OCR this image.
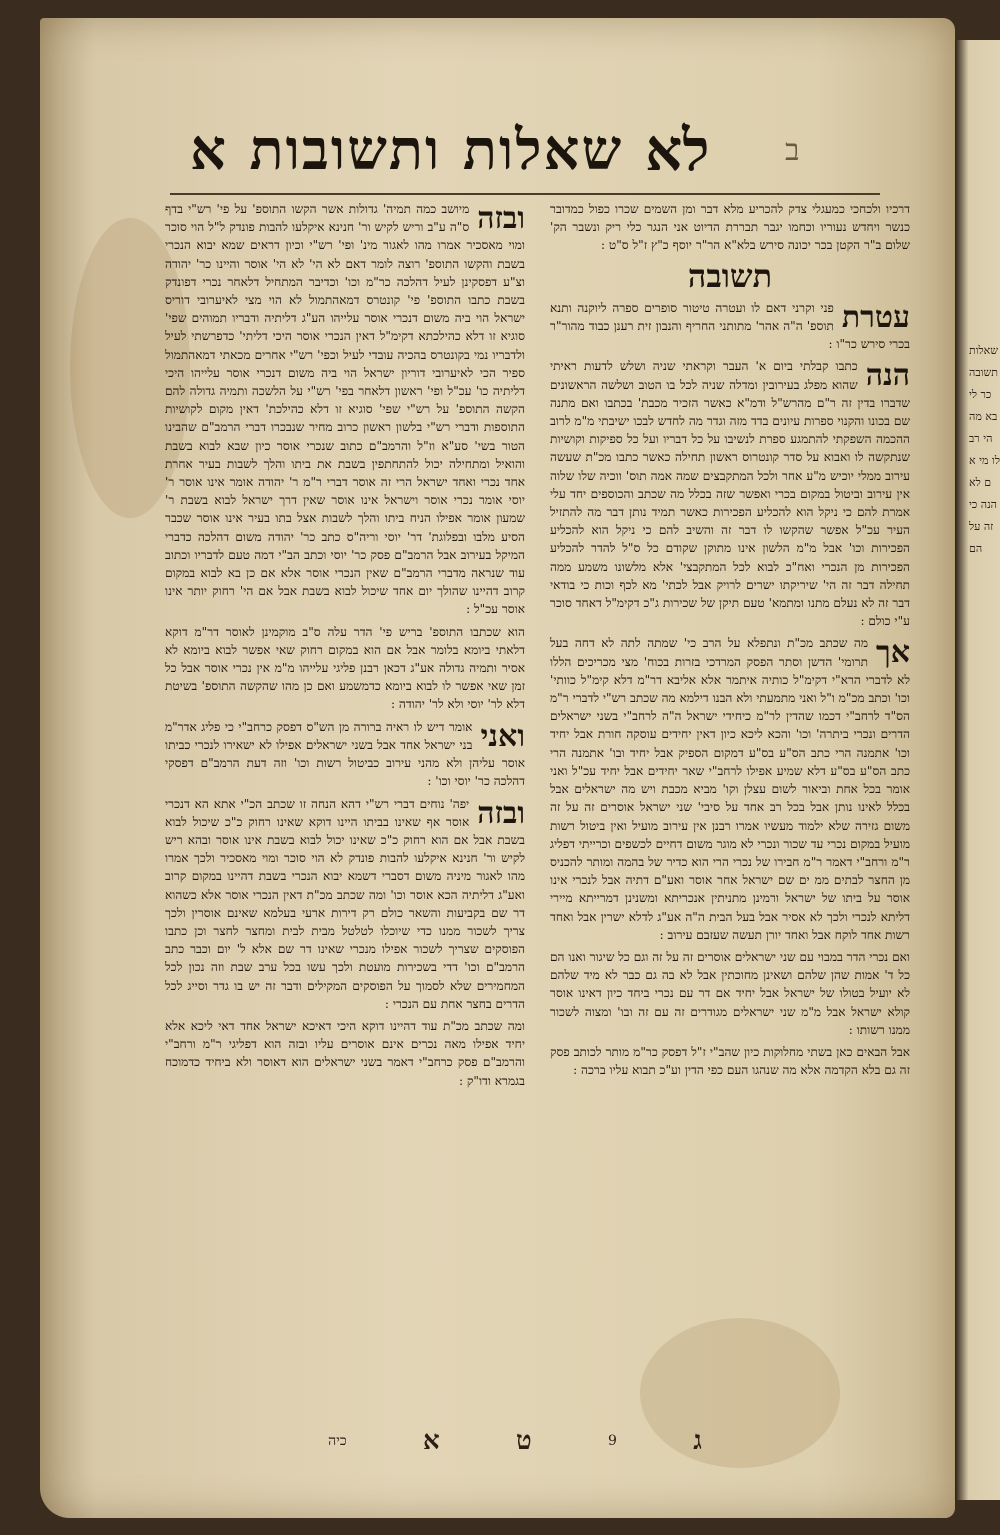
שאלות ותשובות א לא	ב

דרכיו ולכחכי כמעגלי צדק להכריע מלא דבר ומן השמים שכרו כפול כמדובר כנשר ויחדש נעוריו וכחמו יגבר תבררת הדיוט אני הנגר כלי ריק ונשבר הק' שלום ב"ר הקטן בכר יכונה סירש בלא"א הר"ר יוסף כ"ץ ז"ל ס"ט :

תשובה

עטרת
פני וקרני דאם לו ועטרה טיטור סופרים ספרה ליוקנה ותנא תוספ' ה"ה אהר' מתותני החריף והנבון זית רענן כבוד מהור"ר בכרי סירש כר"ו :

הנה
כתבו קבלתי ביום א' העבר וקראתי שניה ושלש לדעות ראיתי שהוא מפלג בעירובין ומדלה שניה לכל בו הטוב ושלשה הראשונים שדברו בדין זה ר"ם מהרש"ל ודמ"א כאשר הזכיר מכבת' בכתבו ואם מתנה שם בכונו והקנוי ספרות עיונים בדד מזה וגדר מה לחדש לבכו ישיבתי מ"מ לרוב ההכמה השפקתי להתמגע ספרת לנשיבו על כל דבריו ועל כל ספיקות וקושיות שנתקשה לו ואבוא על סדר קונטרוס ראשון תחילה כאשר כתבו מכ"ת שעשה עירוב ממלי יוכיש מ"ע אחר ולכל המתקבצים שמה אמה תוס' ווכיה שלו שלוה אין עירוב וביטול במקום בכרי ואפשר שזה בכלל מה שכתב והכוספים יחד עלי אמרת להם כי ניקל הוא להכליע הפכירות כאשר תמיד נותן דבר מה להתזיל העיר עכ"ל אפשר שהקשו לו דבר זה והשיב להם כי ניקל הוא להכליע הפכירות וכו' אבל מ"מ הלשון אינו מתוקן שקודם כל ס"ל להדר להכליע הפכירות מן הנכרי ואח"כ לבוא לכל המתקבצי' אלא מלשונו משמע ממה תחילה דבר זה הי' שיריקתו ישרים לרויק אבל לכתי' מא לכף וכות כי בודאי דבר זה לא נעלם מתנו ומתמא' טעם תיקן של שכירות ג"כ דקימ"ל דאחד סוכר ע"י כולם :

אך
מה שכתב מכ"ת ונתפלא על הרב כי' שמתה לתה לא דחה בעל תרומי' הדשן וסתר הפסק המרדכי בזרות בכוח' מצי מכריכים הללו לא לדברי הרא"י דקימ"ל כותיה איתמר אלא אליבא דר"מ דלא קימ"ל כוותי' וכו' וכתב מכ"מ ו"ל ואני מתמעתי ולא הבנו דילמא מה שכתב רש"י לדברי ר"מ הס"ד לרחב"י דכמו שהדין לר"מ כיחידי ישראל ה"ה לרחב"י בשני ישראלים הדרים ונכרי ביתרה' וכו' והכא ליכא כיון דאין יחידים עוסקה חורת אבל יחיד וכו' אתמנה הרי כתב הס"ע בס"ע דמקום הספיק אבל יחיד ובו' אתמנה הרי כתב הס"ע בס"ע דלא שמיע אפילו לרחב"י שאר יחידים אבל יחיד עכ"ל ואני אומר בכל אחת וביאור לשום עצלן וקו' מביא מכבת ויש מה ישראלים אבל בכלל לאינו נותן אבל בכל רב אחד על סיבי' שני ישראל אוסרים זה על זה משום גזירה שלא ילמוד מעשיו אמרו רבנן אין עירוב מועיל ואין ביטול רשות מועיל במקום נכרי עד שכור ונכרי לא מוגר משום דחיים לכשפים וכרייתי דפליג ר"מ ורחב"י דאמר ר"מ חבירו של נכרי הרי הוא כדיר של בהמה ומותר להכניס מן החצר לבתים ממ ים שם ישראל אחר אוסר ואע"ם דתיה אבל לנכרי אינו אוסר על ביתו של ישראל ורמינן מתניתין אנכריתא ומשנינן דמרייתא מיירי דליתא לנכרי ולכך לא אסיר אבל בעל הבית ה"ה אע"ג לדלא ישרין אבל ואחד רשות אחד לוקח אבל ואחד יורן תעשה שעזבם עירוב :

ואם נכרי הדר במבוי עם שני ישראלים אוסרים זה על זה וגם כל שיגור ואנו הם כל ד' אמות שהן שלהם ושאינן מחוכתין אבל לא בה גם כבר לא מיד שלהם לא יועיל בטולו של ישראל אבל יחיד אם דר עם נכרי ביחד כיון דאינו אוסר קולא ישראל אבל מ"מ שני ישראלים מגודרים זה עם זה ובו' ומצוה לשכור ממנו רשותו :

אבל הבאים כאן בשתי מחלוקות כיון שהב"י ז"ל דפסק כר"מ מותר לכותב פסק זה גם בלא הקדמה אלא מה שנהגו העם כפי הדין וע"כ תבוא עליו ברכה :

ובזה
מיושב כמה תמיה' גדולות אשר הקשו התוספ' על פי' רש"י בדף ס"ה ע"ב וריש לקיש ור' חנינא איקלעו להבות פונדק ל"ל הוי סוכר ומוי מאסכיר אמרו מהו לאגור מינ' ופי' רש"י וכיון דראים שמא יבוא הנכרי בשבת והקשו התוספ' רוצה לומר דאם לא הי' לא הי' אוסר והיינו כר' יהודה וצ"ע דפסקינן לעיל דהלכה כר"מ וכו' וכדיבר המתחיל דלאחר נכרי דפונדק בשבת כתבו התוספ' פי' קונטרס דמאהתמול לא הוי מצי לאיערובי דוריס ישראל הוי ביה משום דנכרי אוסר עלייהו הע"ג דליתיה ודבריו תמוהים שפי' סוגיא זו דלא כהילכתא דקימ"ל דאין הנכרי אוסר היכי דליתי' כדפרשתי לעיל ולדבריו נמי בקונטרס בהכיה עובדי לעיל וכפי' רש"י אחרים מכאתי דמאהתמול ספיר הכי לאיערובי דוריון ישראל הוי ביה משום דנכרי אוסר עלייהו היכי דליתיה כו' עכ"ל ופי' ראשון דלאחר בפי' רש"י על הלשכה ותמיה גדולה להם הקשה התוספ' על רש"י שפי' סוגיא זו דלא כהילכת' דאין מקום לקושיות התוספות ודברי רש"י בלשון ראשון כרוב מחיר שנבכרו דברי הרמב"ם שהבינו הטור בשי' סע"א וז"ל והרמב"ם כתוב שנכרי אוסר כיון שבא לבוא בשבת והואיל ומתחילה יכול להתחתפין בשבת את ביתו והלך לשבות בעיר אחרת אחד נכרי ואחד ישראל הרי זה אוסר דברי ר"מ ר' יהודה אומר אינו אוסר ר' יוסי אומר נכרי אוסר וישראל אינו אוסר שאין דרך ישראל לבוא בשבת ר' שמעון אומר אפילו הניח ביתו והלך לשבות אצל בתו בעיר אינו אוסר שכבר הסיע מלבו ובפלוגת' דר' יוסי וריה"ס כתב כר' יהודה משום דהלכה כדברי המיקל בעירוב אבל הרמב"ם פסק כר' יוסי וכתב הב"י דמה טעם לדבריו וכתוב עוד שנראה מדברי הרמב"ם שאין הנכרי אוסר אלא אם כן בא לבוא במקום קרוב דהיינו שהולך יום אחד שיכול לבוא בשבת אבל אם הי' רחוק יותר אינו אוסר עכ"ל :

הוא שכתבו התוספ' בריש פי' הדר עלה ס"ב מוקמינן לאוסר דר"מ דוקא דלאתי ביומא בלומר אבל אם הוא במקום רחוק שאי אפשר לבוא ביומא לא אסיר ותמיה גדולה אע"ג דכאן רבנן פליגי עלייהו מ"מ אין נכרי אוסר אבל כל זמן שאי אפשר לו לבוא ביומא כדמשמע ואם כן מהו שהקשה התוספ' בשיטת דלא לר' יוסי ולא לר' יהודה :

ואני
אומר דיש לו ראיה ברורה מן הש"ס דפסק כרחב"י כי פליג אדר"מ בני ישראל אחד אבל בשני ישראלים אפילו לא ישאירו לנכרי כביתו אוסר עליהן ולא מהני עירוב כביטול רשות וכו' וזה דעת הרמב"ם דפסקי דהלכה כר' יוסי וכו' :

ובזה
יפה' נוחים דברי רש"י דהא הנחה זו שכתב הכ"י אתא הא דנכרי אוסר אף שאינו בביתו היינו דוקא שאינו רחוק כ"כ שיכול לבוא בשבת אבל אם הוא רחוק כ"כ שאינו יכול לבוא בשבת אינו אוסר ובהא ריש לקיש ור' חנינא איקלעו להבות פונדק לא הוי סוכר ומוי מאסכיר ולכך אמרו מהו לאגור מיניה משום דסברי דשמא יבוא הנכרי בשבת דהיינו במקום קרוב ואע"ג דליתיה הכא אוסר וכו' ומה שכתב מכ"ת דאין הנכרי אוסר אלא כשהוא דר שם בקביעות והשאר כולם רק דירות ארעי בעלמא שאינם אוסרין ולכך צריך לשכור ממנו כדי שיוכלו לטלטל מבית לבית ומחצר לחצר וכן כתבו הפוסקים שצריך לשכור אפילו מנכרי שאינו דר שם אלא ל' יום וכבר כתב הרמב"ם וכו' דדי בשכירות מועטת ולכך עשו בכל ערב שבת וזה נכון לכל המחמירים שלא לסמוך על הפוסקים המקילים ודבר זה יש בו גדר וסייג לכל הדרים בחצר אחת עם הנכרי :

ומה שכתב מכ"ת עוד דהיינו דוקא היכי דאיכא ישראל אחד דאי ליכא אלא יחיד אפילו מאה נכרים אינם אוסרים עליו ובזה הוא דפליגי ר"מ ורחב"י והרמב"ם פסק כרחב"י דאמר בשני ישראלים הוא דאוסר ולא ביחיד כדמוכח בגמרא ודו"ק :

ג
9
ט
א
כיה
שאלות תשובה כר לי בא מה הי רב לו מי אם לא הנה כי זה על הם
